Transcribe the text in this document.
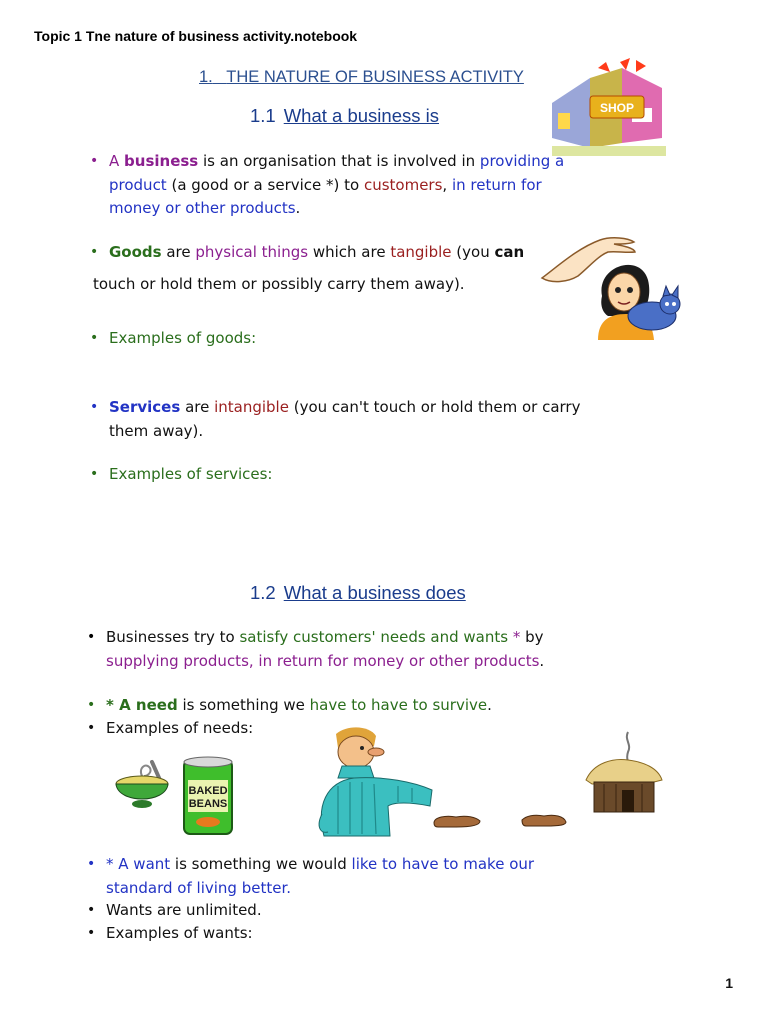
Topic 1 Tne nature of business activity.notebook
1. THE NATURE OF BUSINESS ACTIVITY
SHOP
1.1 What a business is
• A business is an organisation that is involved in providing a
product (a good or a service *) to customers, in return for
money or other products.
• Goods are physical things which are tangible (you can
touch or hold them or possibly carry them away).
• Examples of goods:
• Services are intangible (you can't touch or hold them or carry
them away).
• Examples of services:
1.2 What a business does
• Businesses try to satisfy customers' needs and wants * by
supplying products, in return for money or other products.
• * A need is something we have to have to survive.
• Examples of needs:
BAKED
BEANS
• * A want is something we would like to have to make our
standard of living better.
• Wants are unlimited.
• Examples of wants:
1
